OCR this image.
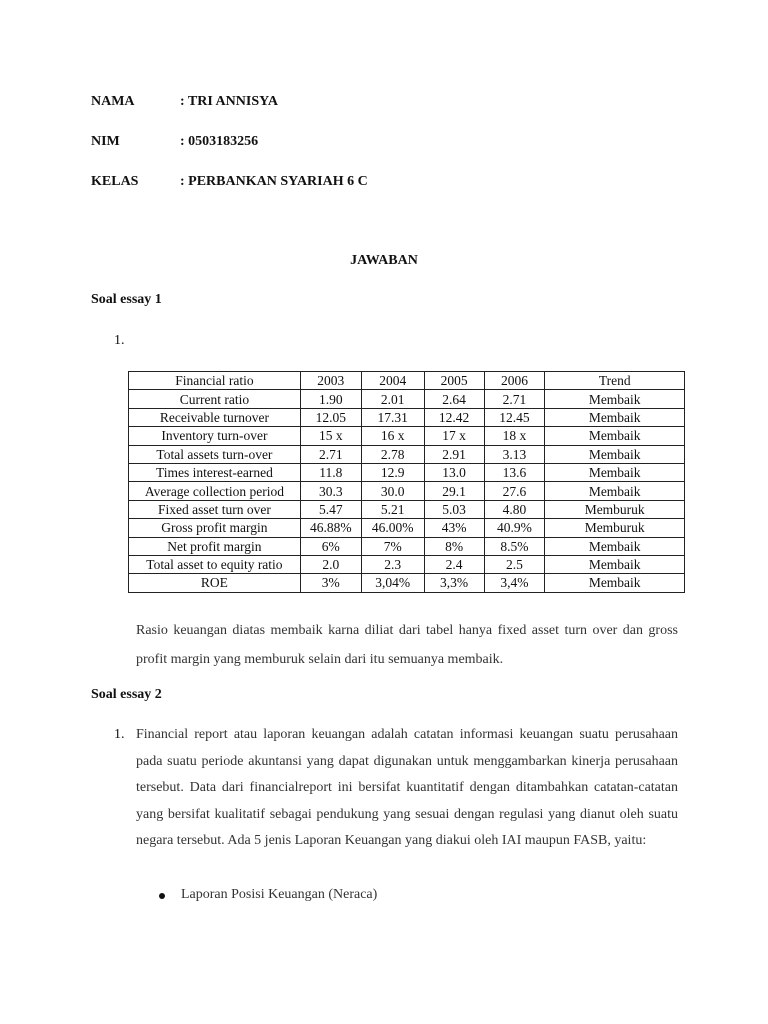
NAMA	: TRI ANNISYA
NIM	: 0503183256
KELAS	: PERBANKAN SYARIAH 6 C
JAWABAN
Soal essay 1
1.
Financial ratio	2003	2004	2005	2006	Trend
Current ratio	1.90	2.01	2.64	2.71	Membaik
Receivable turnover	12.05	17.31	12.42	12.45	Membaik
Inventory turn-over	15 x	16 x	17 x	18 x	Membaik
Total assets turn-over	2.71	2.78	2.91	3.13	Membaik
Times interest-earned	11.8	12.9	13.0	13.6	Membaik
Average collection period	30.3	30.0	29.1	27.6	Membaik
Fixed asset turn over	5.47	5.21	5.03	4.80	Memburuk
Gross profit margin	46.88%	46.00%	43%	40.9%	Memburuk
Net profit margin	6%	7%	8%	8.5%	Membaik
Total asset to equity ratio	2.0	2.3	2.4	2.5	Membaik
ROE	3%	3,04%	3,3%	3,4%	Membaik
Rasio keuangan diatas membaik karna diliat dari tabel hanya fixed asset turn over dan gross profit margin yang memburuk selain dari itu semuanya membaik.
Soal essay 2
1. Financial report atau laporan keuangan adalah catatan informasi keuangan suatu perusahaan pada suatu periode akuntansi yang dapat digunakan untuk menggambarkan kinerja perusahaan tersebut. Data dari financialreport ini bersifat kuantitatif dengan ditambahkan catatan-catatan yang bersifat kualitatif sebagai pendukung yang sesuai dengan regulasi yang dianut oleh suatu negara tersebut. Ada 5 jenis Laporan Keuangan yang diakui oleh IAI maupun FASB, yaitu:
Laporan Posisi Keuangan (Neraca)
